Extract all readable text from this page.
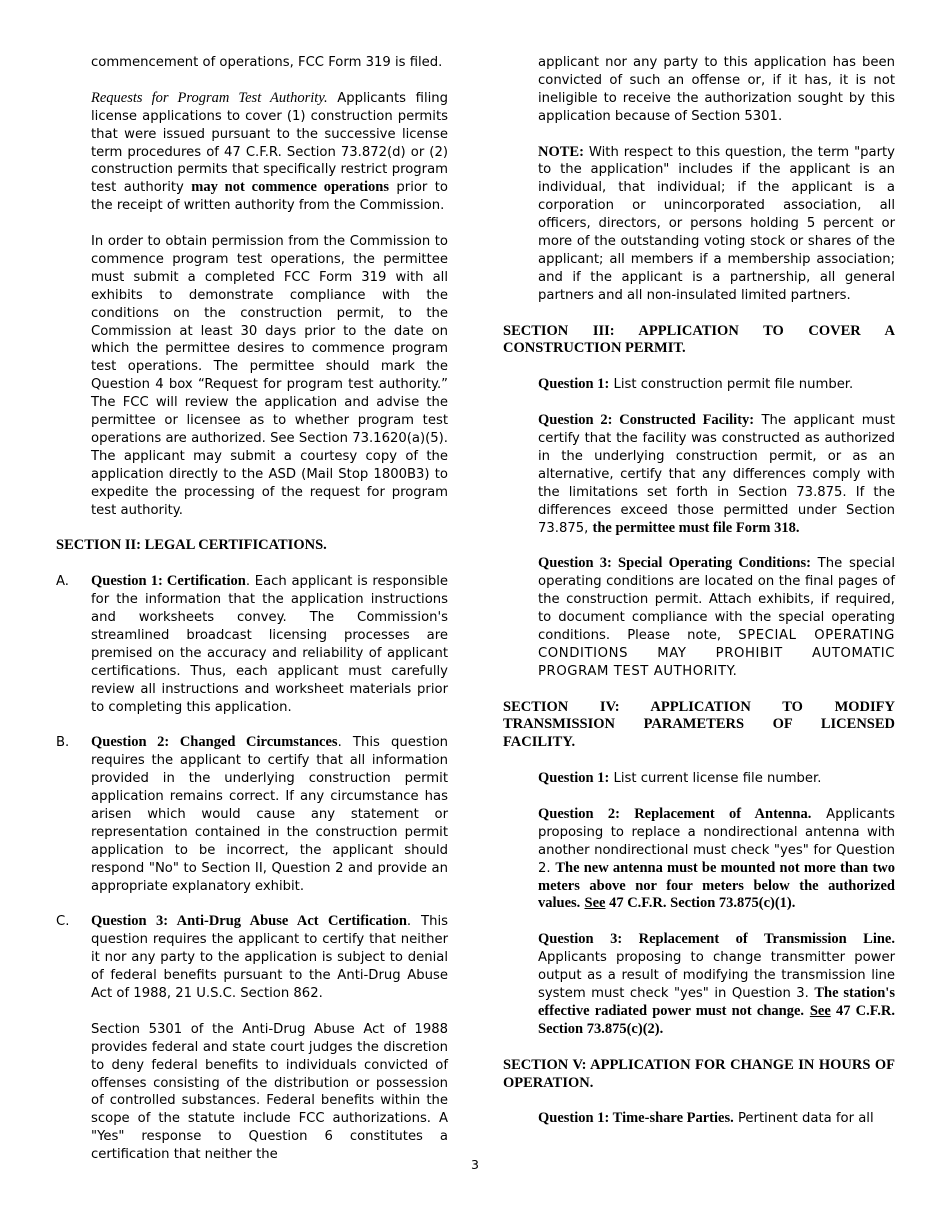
commencement of operations, FCC Form 319 is filed.

Requests for Program Test Authority. Applicants filing license applications to cover (1) construction permits that were issued pursuant to the successive license term procedures of 47 C.F.R. Section 73.872(d) or (2) construction permits that specifically restrict program test authority may not commence operations prior to the receipt of written authority from the Commission.

In order to obtain permission from the Commission to commence program test operations, the permittee must submit a completed FCC Form 319 with all exhibits to demonstrate compliance with the conditions on the construction permit, to the Commission at least 30 days prior to the date on which the permittee desires to commence program test operations. The permittee should mark the Question 4 box “Request for program test authority.” The FCC will review the application and advise the permittee or licensee as to whether program test operations are authorized. See Section 73.1620(a)(5). The applicant may submit a courtesy copy of the application directly to the ASD (Mail Stop 1800B3) to expedite the processing of the request for program test authority.

SECTION II: LEGAL CERTIFICATIONS.

A. Question 1: Certification. Each applicant is responsible for the information that the application instructions and worksheets convey. The Commission's streamlined broadcast licensing processes are premised on the accuracy and reliability of applicant certifications. Thus, each applicant must carefully review all instructions and worksheet materials prior to completing this application.
B. Question 2: Changed Circumstances. This question requires the applicant to certify that all information provided in the underlying construction permit application remains correct. If any circumstance has arisen which would cause any statement or representation contained in the construction permit application to be incorrect, the applicant should respond "No" to Section II, Question 2 and provide an appropriate explanatory exhibit.
C. Question 3: Anti-Drug Abuse Act Certification. This question requires the applicant to certify that neither it nor any party to the application is subject to denial of federal benefits pursuant to the Anti-Drug Abuse Act of 1988, 21 U.S.C. Section 862.

Section 5301 of the Anti-Drug Abuse Act of 1988 provides federal and state court judges the discretion to deny federal benefits to individuals convicted of offenses consisting of the distribution or possession of controlled substances. Federal benefits within the scope of the statute include FCC authorizations. A "Yes" response to Question 6 constitutes a certification that neither the

applicant nor any party to this application has been convicted of such an offense or, if it has, it is not ineligible to receive the authorization sought by this application because of Section 5301.

NOTE: With respect to this question, the term "party to the application" includes if the applicant is an individual, that individual; if the applicant is a corporation or unincorporated association, all officers, directors, or persons holding 5 percent or more of the outstanding voting stock or shares of the applicant; all members if a membership association; and if the applicant is a partnership, all general partners and all non-insulated limited partners.

SECTION III: APPLICATION TO COVER A CONSTRUCTION PERMIT.

Question 1: List construction permit file number.

Question 2: Constructed Facility: The applicant must certify that the facility was constructed as authorized in the underlying construction permit, or as an alternative, certify that any differences comply with the limitations set forth in Section 73.875. If the differences exceed those permitted under Section 73.875, the permittee must file Form 318.

Question 3: Special Operating Conditions: The special operating conditions are located on the final pages of the construction permit. Attach exhibits, if required, to document compliance with the special operating conditions. Please note, SPECIAL OPERATING CONDITIONS MAY PROHIBIT AUTOMATIC PROGRAM TEST AUTHORITY.

SECTION IV: APPLICATION TO MODIFY TRANSMISSION PARAMETERS OF LICENSED FACILITY.

Question 1: List current license file number.

Question 2: Replacement of Antenna. Applicants proposing to replace a nondirectional antenna with another nondirectional must check "yes" for Question 2. The new antenna must be mounted not more than two meters above nor four meters below the authorized values. See 47 C.F.R. Section 73.875(c)(1).

Question 3: Replacement of Transmission Line. Applicants proposing to change transmitter power output as a result of modifying the transmission line system must check "yes" in Question 3. The station's effective radiated power must not change. See 47 C.F.R. Section 73.875(c)(2).

SECTION V: APPLICATION FOR CHANGE IN HOURS OF OPERATION.

Question 1: Time-share Parties. Pertinent data for all

3
